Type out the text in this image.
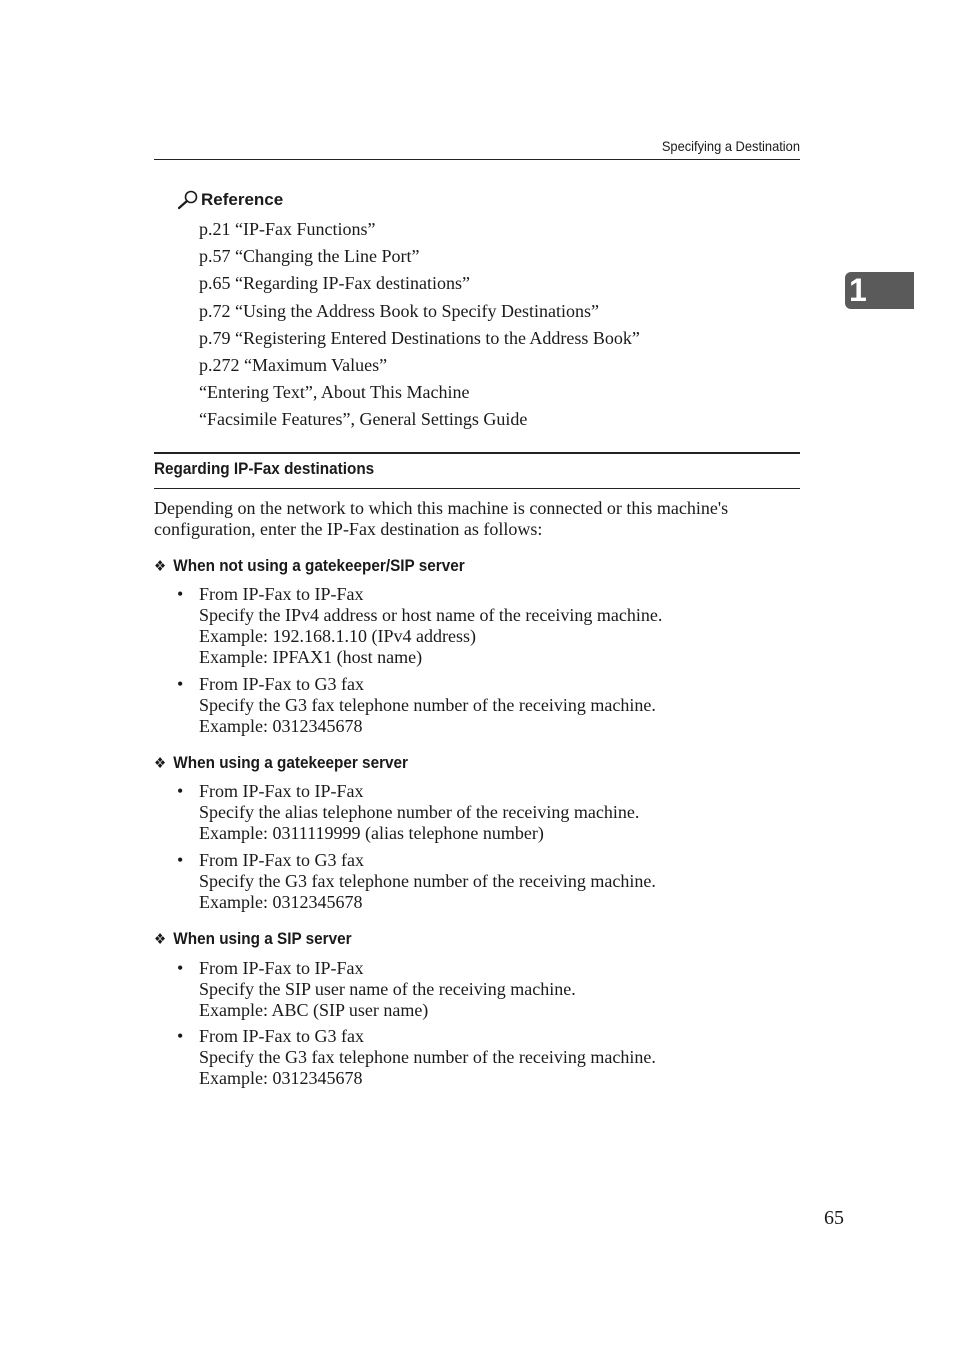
Specifying a Destination
1
Reference
p.21 “IP-Fax Functions”
p.57 “Changing the Line Port”
p.65 “Regarding IP-Fax destinations”
p.72 “Using the Address Book to Specify Destinations”
p.79 “Registering Entered Destinations to the Address Book”
p.272 “Maximum Values”
“Entering Text”, About This Machine
“Facsimile Features”, General Settings Guide
Regarding IP-Fax destinations

Depending on the network to which this machine is connected or this machine's configuration, enter the IP-Fax destination as follows:

❖ When not using a gatekeeper/SIP server
• From IP-Fax to IP-Fax
Specify the IPv4 address or host name of the receiving machine.
Example: 192.168.1.10 (IPv4 address)
Example: IPFAX1 (host name)
• From IP-Fax to G3 fax
Specify the G3 fax telephone number of the receiving machine.
Example: 0312345678
❖ When using a gatekeeper server
• From IP-Fax to IP-Fax
Specify the alias telephone number of the receiving machine.
Example: 0311119999 (alias telephone number)
• From IP-Fax to G3 fax
Specify the G3 fax telephone number of the receiving machine.
Example: 0312345678
❖ When using a SIP server
• From IP-Fax to IP-Fax
Specify the SIP user name of the receiving machine.
Example: ABC (SIP user name)
• From IP-Fax to G3 fax
Specify the G3 fax telephone number of the receiving machine.
Example: 0312345678
65
